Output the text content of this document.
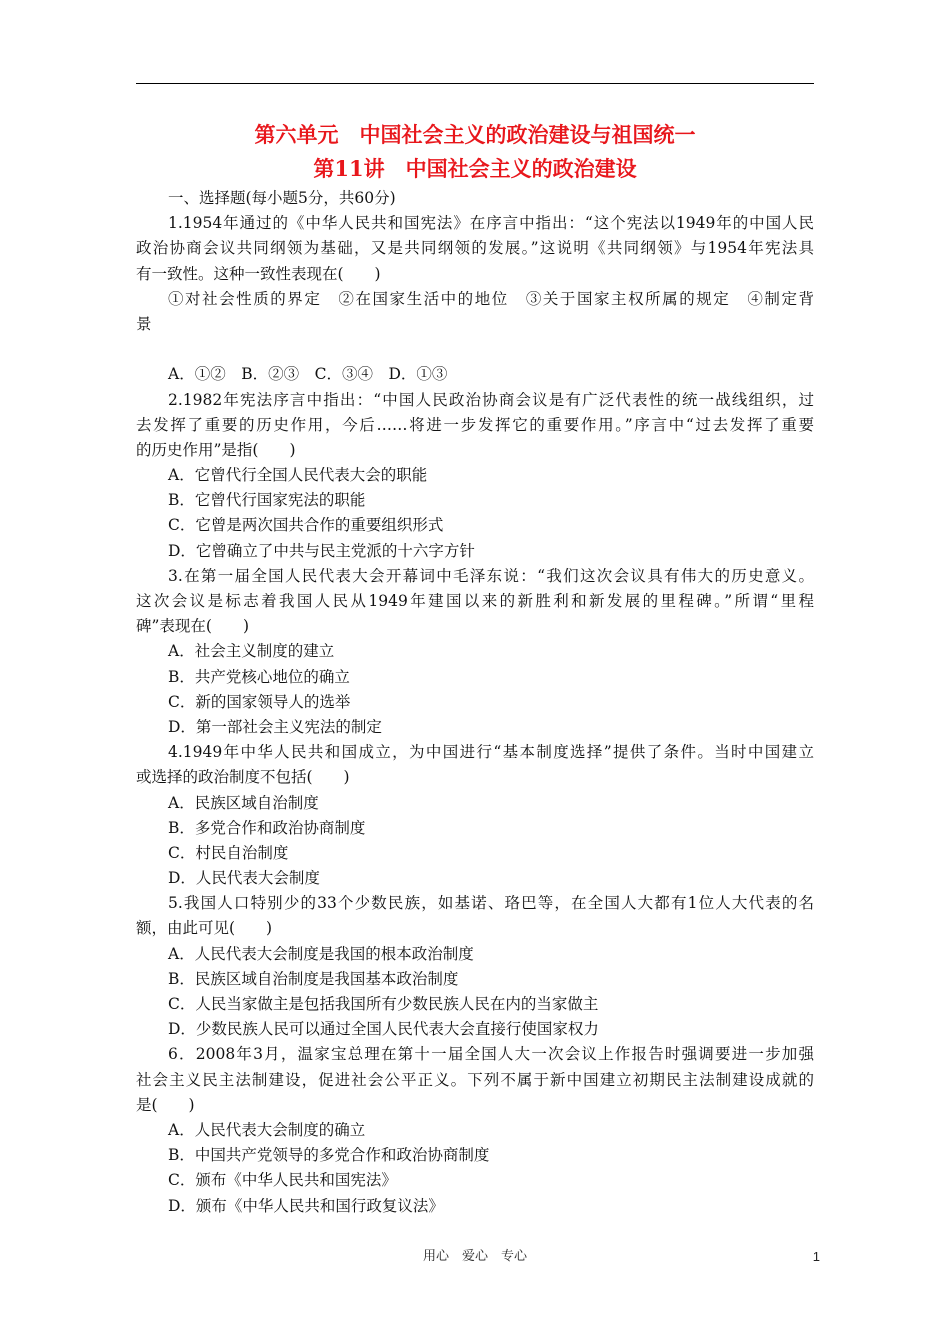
第六单元　中国社会主义的政治建设与祖国统一
第11讲　中国社会主义的政治建设
一、选择题(每小题5分，共60分)
1.1954年通过的《中华人民共和国宪法》在序言中指出：“这个宪法以1949年的中国人民
政治协商会议共同纲领为基础，又是共同纲领的发展。”这说明《共同纲领》与1954年宪法具
有一致性。这种一致性表现在(　　)
①对社会性质的界定　②在国家生活中的地位　③关于国家主权所属的规定　④制定背
景
A．①②　B．②③　C．③④　D．①③
2.1982年宪法序言中指出：“中国人民政治协商会议是有广泛代表性的统一战线组织，过
去发挥了重要的历史作用，今后……将进一步发挥它的重要作用。”序言中“过去发挥了重要
的历史作用”是指(　　)
A．它曾代行全国人民代表大会的职能
B．它曾代行国家宪法的职能
C．它曾是两次国共合作的重要组织形式
D．它曾确立了中共与民主党派的十六字方针
3.在第一届全国人民代表大会开幕词中毛泽东说：“我们这次会议具有伟大的历史意义。
这次会议是标志着我国人民从1949年建国以来的新胜利和新发展的里程碑。”所谓“里程
碑”表现在(　　)
A．社会主义制度的建立
B．共产党核心地位的确立
C．新的国家领导人的选举
D．第一部社会主义宪法的制定
4.1949年中华人民共和国成立，为中国进行“基本制度选择”提供了条件。当时中国建立
或选择的政治制度不包括(　　)
A．民族区域自治制度
B．多党合作和政治协商制度
C．村民自治制度
D．人民代表大会制度
5.我国人口特别少的33个少数民族，如基诺、珞巴等，在全国人大都有1位人大代表的名
额，由此可见(　　)
A．人民代表大会制度是我国的根本政治制度
B．民族区域自治制度是我国基本政治制度
C．人民当家做主是包括我国所有少数民族人民在内的当家做主
D．少数民族人民可以通过全国人民代表大会直接行使国家权力
6．2008年3月，温家宝总理在第十一届全国人大一次会议上作报告时强调要进一步加强
社会主义民主法制建设，促进社会公平正义。下列不属于新中国建立初期民主法制建设成就的
是(　　)
A．人民代表大会制度的确立
B．中国共产党领导的多党合作和政治协商制度
C．颁布《中华人民共和国宪法》
D．颁布《中华人民共和国行政复议法》
用心　爱心　专心	1
